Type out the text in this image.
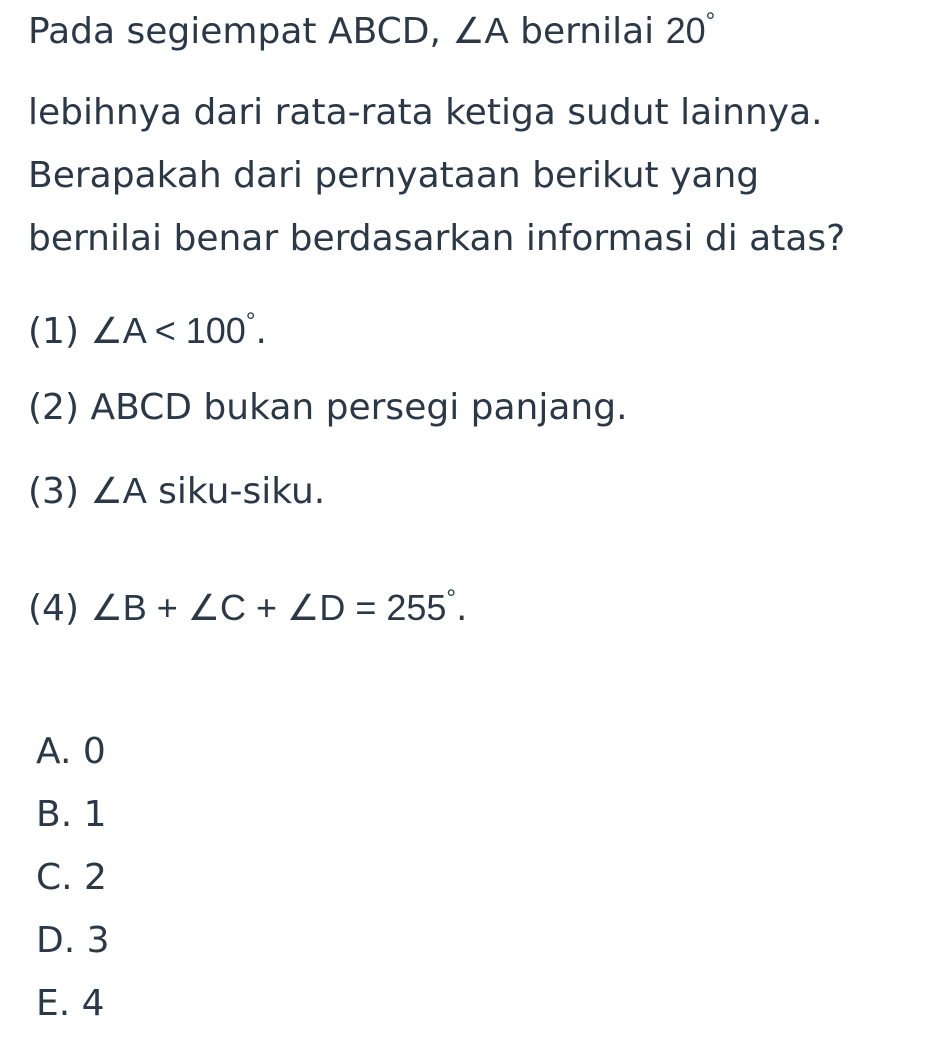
Pada segiempat ABCD, ∠A bernilai 20°
lebihnya dari rata-rata ketiga sudut lainnya.
Berapakah dari pernyataan berikut yang
bernilai benar berdasarkan informasi di atas?
(1) ∠A < 100°.
(2) ABCD bukan persegi panjang.
(3) ∠A siku-siku.
(4) ∠B + ∠C + ∠D = 255°.
A. 0
B. 1
C. 2
D. 3
E. 4
